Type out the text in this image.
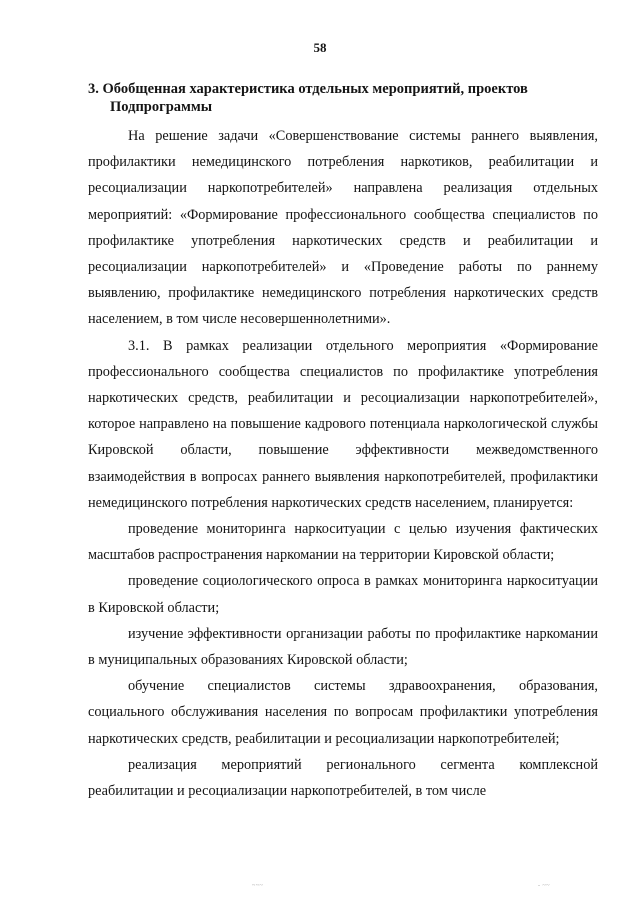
58
3. Обобщенная характеристика отдельных мероприятий, проектов
Подпрограммы

На решение задачи «Совершенствование системы раннего выявления, профилактики немедицинского потребления наркотиков, реабилитации и ресоциализации наркопотребителей» направлена реализация отдельных мероприятий: «Формирование профессионального сообщества специалистов по профилактике употребления наркотических средств и реабилитации и ресоциализации наркопотребителей» и «Проведение работы по раннему выявлению, профилактике немедицинского потребления наркотических средств населением, в том числе несовершеннолетними».

3.1. В рамках реализации отдельного мероприятия «Формирование профессионального сообщества специалистов по профилактике употребления наркотических средств, реабилитации и ресоциализации наркопотребителей», которое направлено на повышение кадрового потенциала наркологической службы Кировской области, повышение эффективности межведомственного взаимодействия в вопросах раннего выявления наркопотребителей, профилактики немедицинского потребления наркотических средств населением, планируется:

проведение мониторинга наркоситуации с целью изучения фактических масштабов распространения наркомании на территории Кировской области;

проведение социологического опроса в рамках мониторинга наркоситуации в Кировской области;

изучение эффективности организации работы по профилактике наркомании в муниципальных образованиях Кировской области;

обучение специалистов системы здравоохранения, образования, социального обслуживания населения по вопросам профилактики употребления наркотических средств, реабилитации и ресоциализации наркопотребителей;

реализация мероприятий регионального сегмента комплексной реабилитации и ресоциализации наркопотребителей, в том числе

~~~	- ~~
